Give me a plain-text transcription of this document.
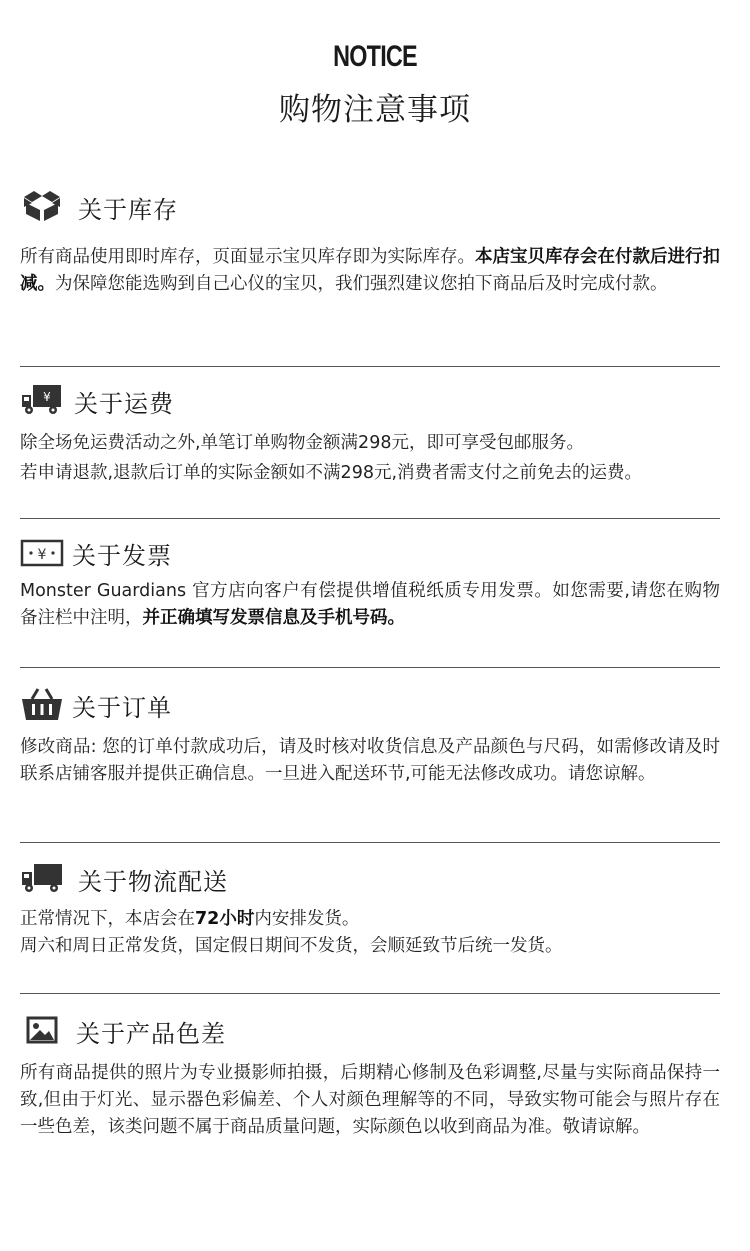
NOTICE
购物注意事项
关于库存
所有商品使用即时库存，页面显示宝贝库存即为实际库存。本店宝贝库存会在付款后进行扣减。为保障您能选购到自己心仪的宝贝，我们强烈建议您拍下商品后及时完成付款。
¥ 关于运费
除全场免运费活动之外,单笔订单购物金额满298元，即可享受包邮服务。
若申请退款,退款后订单的实际金额如不满298元,消费者需支付之前免去的运费。
¥ 关于发票
Monster Guardians 官方店向客户有偿提供增值税纸质专用发票。如您需要,请您在购物备注栏中注明，并正确填写发票信息及手机号码。
关于订单
修改商品: 您的订单付款成功后，请及时核对收货信息及产品颜色与尺码，如需修改请及时联系店铺客服并提供正确信息。一旦进入配送环节,可能无法修改成功。请您谅解。
关于物流配送
正常情况下，本店会在72小时内安排发货。
周六和周日正常发货，国定假日期间不发货，会顺延致节后统一发货。
关于产品色差
所有商品提供的照片为专业摄影师拍摄，后期精心修制及色彩调整,尽量与实际商品保持一致,但由于灯光、显示器色彩偏差、个人对颜色理解等的不同，导致实物可能会与照片存在一些色差，该类问题不属于商品质量问题，实际颜色以收到商品为准。敬请谅解。
